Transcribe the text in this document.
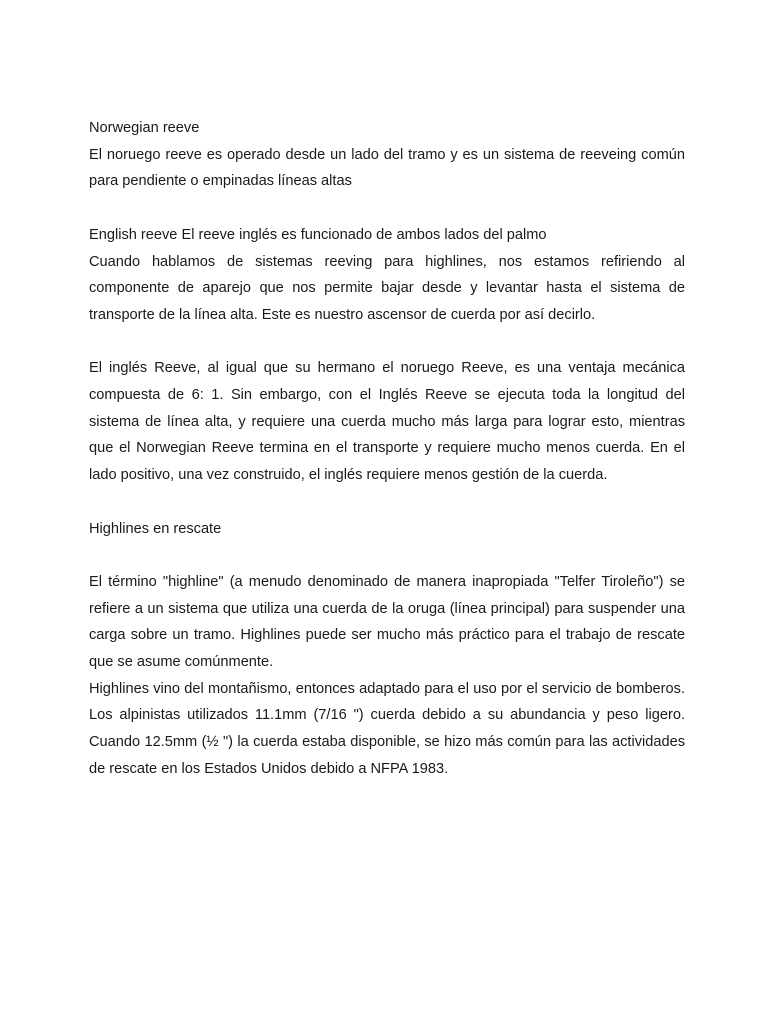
Norwegian reeve

El noruego reeve es operado desde un lado del tramo y es un sistema de reeveing común para pendiente o empinadas líneas altas

English reeve El reeve inglés es funcionado de ambos lados del palmo

Cuando hablamos de sistemas reeving para highlines, nos estamos refiriendo al componente de aparejo que nos permite bajar desde y levantar hasta el sistema de transporte de la línea alta. Este es nuestro ascensor de cuerda por así decirlo.

El inglés Reeve, al igual que su hermano el noruego Reeve, es una ventaja mecánica compuesta de 6: 1. Sin embargo, con el Inglés Reeve se ejecuta toda la longitud del sistema de línea alta, y requiere una cuerda mucho más larga para lograr esto, mientras que el Norwegian Reeve termina en el transporte y requiere mucho menos cuerda. En el lado positivo, una vez construido, el inglés requiere menos gestión de la cuerda.

Highlines en rescate

El término "highline" (a menudo denominado de manera inapropiada "Telfer Tiroleño") se refiere a un sistema que utiliza una cuerda de la oruga (línea principal) para suspender una carga sobre un tramo. Highlines puede ser mucho más práctico para el trabajo de rescate que se asume comúnmente.

Highlines vino del montañismo, entonces adaptado para el uso por el servicio de bomberos. Los alpinistas utilizados 11.1mm (7/16 ") cuerda debido a su abundancia y peso ligero. Cuando 12.5mm (½ ") la cuerda estaba disponible, se hizo más común para las actividades de rescate en los Estados Unidos debido a NFPA 1983.
